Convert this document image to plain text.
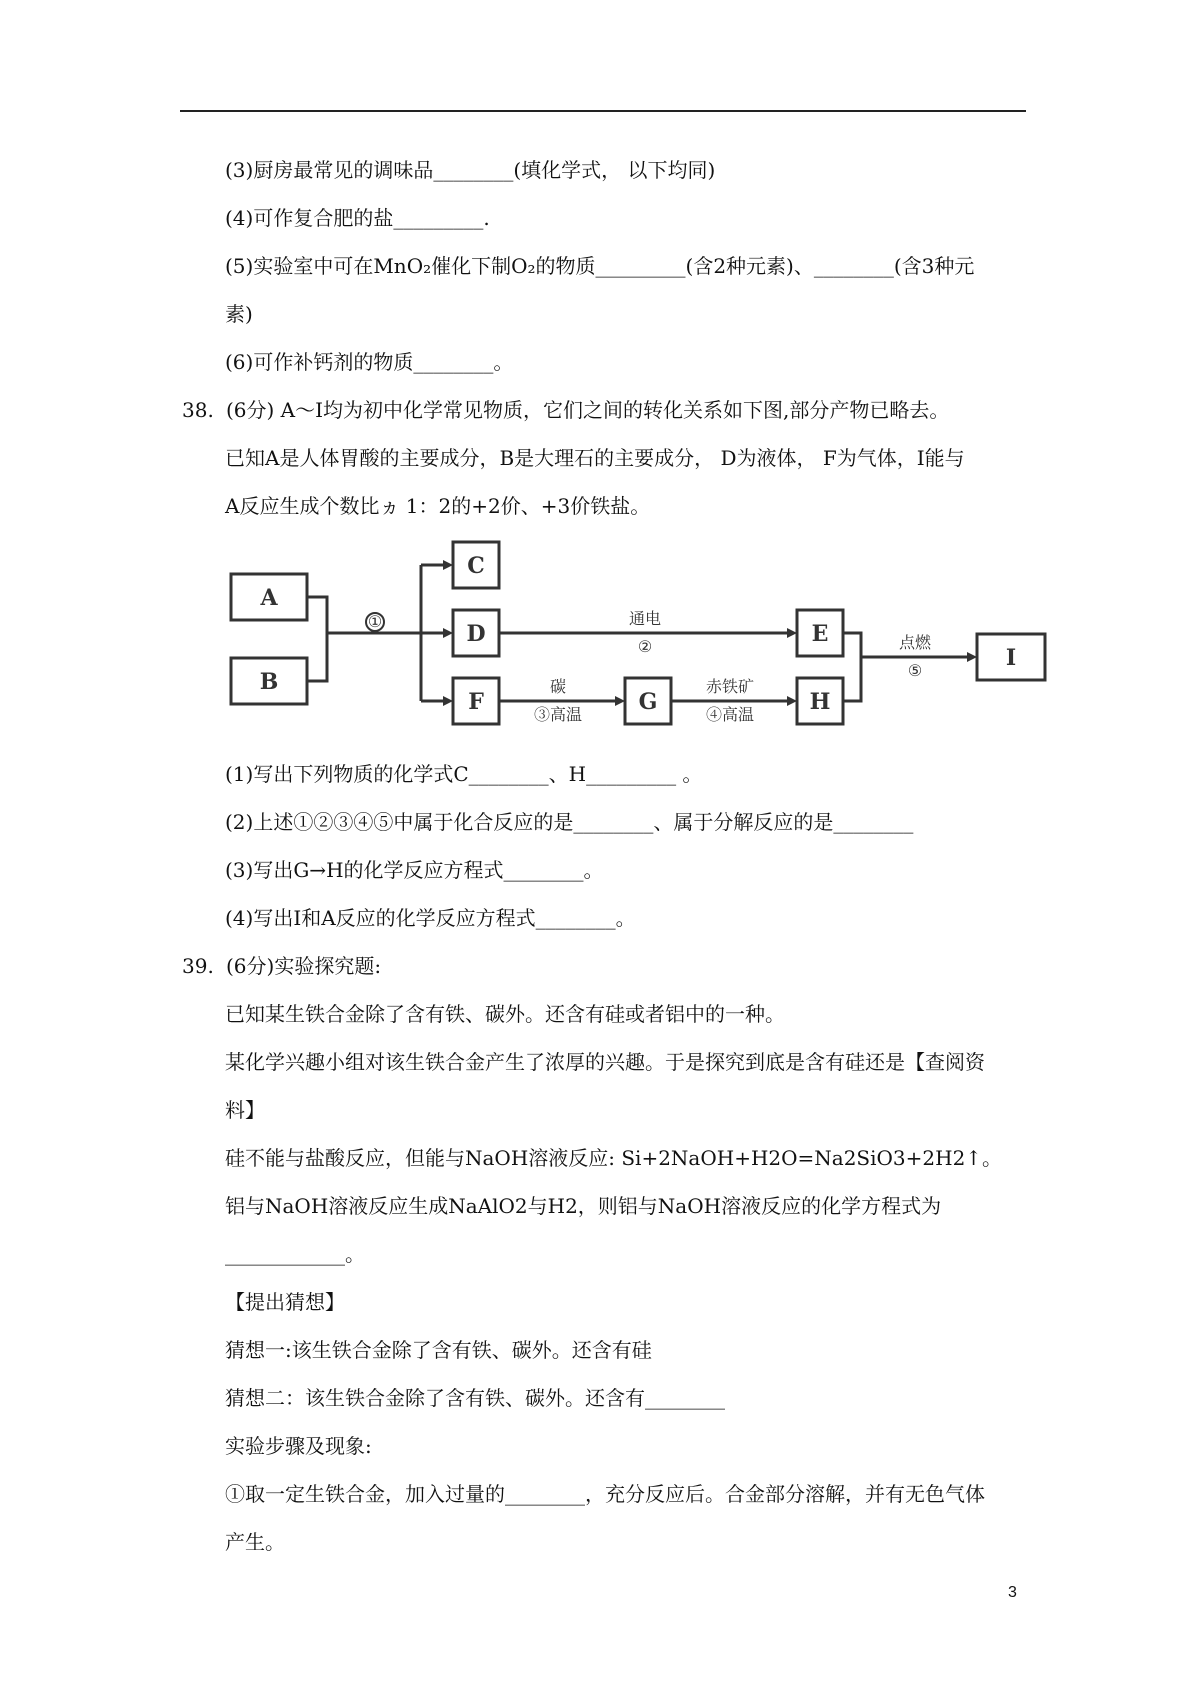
(3)厨房最常见的调味品________(填化学式， 以下均同)
(4)可作复合肥的盐_________.
(5)实验室中可在MnO₂催化下制O₂的物质_________(含2种元素)、________(含3种元
素)
(6)可作补钙剂的物质________。
38. (6分) A～I均为初中化学常见物质，它们之间的转化关系如下图,部分产物已略去。
已知A是人体胃酸的主要成分，B是大理石的主要成分， D为液体， F为气体，I能与
A反应生成个数比ヵ 1：2的+2价、+3价铁盐。
A
B
C
D
F	G
E
H
I
①	通电
②
碳
③高温
赤铁矿
④高温
点燃
⑤
(1)写出下列物质的化学式C________、H_________ 。
(2)上述①②③④⑤中属于化合反应的是________、属于分解反应的是________
(3)写出G→H的化学反应方程式________。
(4)写出I和A反应的化学反应方程式________。
39. (6分)实验探究题:
已知某生铁合金除了含有铁、碳外。还含有硅或者铝中的一种。
某化学兴趣小组对该生铁合金产生了浓厚的兴趣。于是探究到底是含有硅还是【查阅资
料】
硅不能与盐酸反应，但能与NaOH溶液反应: Si+2NaOH+H2O=Na2SiO3+2H2↑。
铝与NaOH溶液反应生成NaAlO2与H2，则铝与NaOH溶液反应的化学方程式为
____________。
【提出猜想】
猜想一:该生铁合金除了含有铁、碳外。还含有硅
猜想二：该生铁合金除了含有铁、碳外。还含有________
实验步骤及现象:
①取一定生铁合金，加入过量的________，充分反应后。合金部分溶解，并有无色气体
产生。
3
